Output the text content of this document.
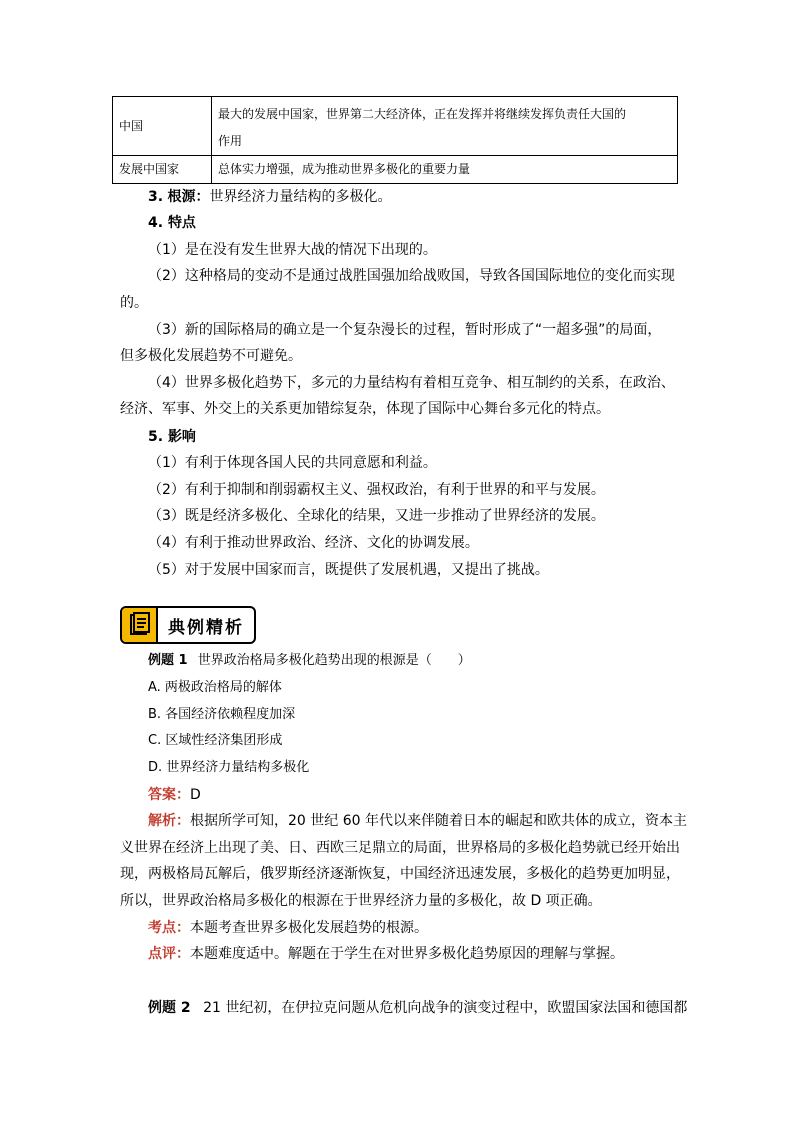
中国	最大的发展中国家，世界第二大经济体，正在发挥并将继续发挥负责任大国的
作用

发展中国家	总体实力增强，成为推动世界多极化的重要力量
3. 根源：世界经济力量结构的多极化。
4. 特点
（1）是在没有发生世界大战的情况下出现的。
（2）这种格局的变动不是通过战胜国强加给战败国，导致各国国际地位的变化而实现
的。
（3）新的国际格局的确立是一个复杂漫长的过程，暂时形成了“一超多强”的局面，
但多极化发展趋势不可避免。
（4）世界多极化趋势下，多元的力量结构有着相互竞争、相互制约的关系，在政治、
经济、军事、外交上的关系更加错综复杂，体现了国际中心舞台多元化的特点。
5. 影响
（1）有利于体现各国人民的共同意愿和利益。
（2）有利于抑制和削弱霸权主义、强权政治，有利于世界的和平与发展。
（3）既是经济多极化、全球化的结果，又进一步推动了世界经济的发展。
（4）有利于推动世界政治、经济、文化的协调发展。
（5）对于发展中国家而言，既提供了发展机遇，又提出了挑战。
典例精析
例题 1 世界政治格局多极化趋势出现的根源是（　　）
A. 两极政治格局的解体
B. 各国经济依赖程度加深
C. 区域性经济集团形成
D. 世界经济力量结构多极化
答案：D
解析：根据所学可知，20 世纪 60 年代以来伴随着日本的崛起和欧共体的成立，资本主
义世界在经济上出现了美、日、西欧三足鼎立的局面，世界格局的多极化趋势就已经开始出
现，两极格局瓦解后，俄罗斯经济逐渐恢复，中国经济迅速发展，多极化的趋势更加明显，
所以，世界政治格局多极化的根源在于世界经济力量的多极化，故 D 项正确。
考点：本题考查世界多极化发展趋势的根源。
点评：本题难度适中。解题在于学生在对世界多极化趋势原因的理解与掌握。
例题 2 21 世纪初，在伊拉克问题从危机向战争的演变过程中，欧盟国家法国和德国都
